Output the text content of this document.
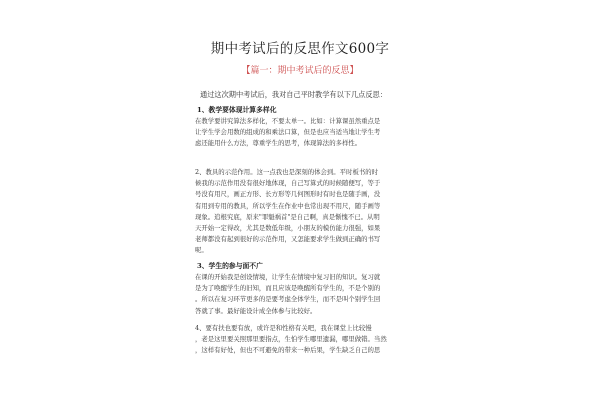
期中考试后的反思作文600字
【篇一：期中考试后的反思】
通过这次期中考试后，我对自己平时教学有以下几点反思：
1、教学要体现计算多样化
在教学要讲究算法多样化，不要太单一。比如：计算课虽然重点是
让学生学会用数的组成的和乘法口算，但是也应当适当地让学生考
虑还能用什么方法，尊重学生的思考，体现算法的多样性。
2、教具的示范作用。这一点我也是深刻的体会到。平时板书的时
候我的示范作用没有很好地体现，自己写算式的时候随便写，等于
号没有用尺，画正方形、长方形等几何图形时有时也是随手画，没
有用到专用的教具，所以学生在作业中也常出现不用尺，随手画等
现象。追根究底，原来"罪魁祸首"是自己啊，真是惭愧不已。从明
天开始一定得改，尤其是数低年级，小朋友的模仿能力很强，如果
老师都没有起到很好的示范作用，又怎能要求学生做到正确的书写
呢。
3、学生的参与面不广
在课的开始我是创设情境，让学生在情境中复习旧的知识。复习就
是为了唤醒学生的旧知，而且应该是唤醒所有学生的，不是个别的
。所以在复习环节更多的是要考虑全体学生，而不是叫个别学生回
答就了事。最好能设计成全体参与比较好。
4、要有扶也要有放，或许是和性格有关吧，我在课堂上比较慢
，老是这里要关照那里要指点，生怕学生哪里遗漏，哪里做错。当然
，这样有好处，但也不可避免的带来一种后果，学生缺乏自己的思
